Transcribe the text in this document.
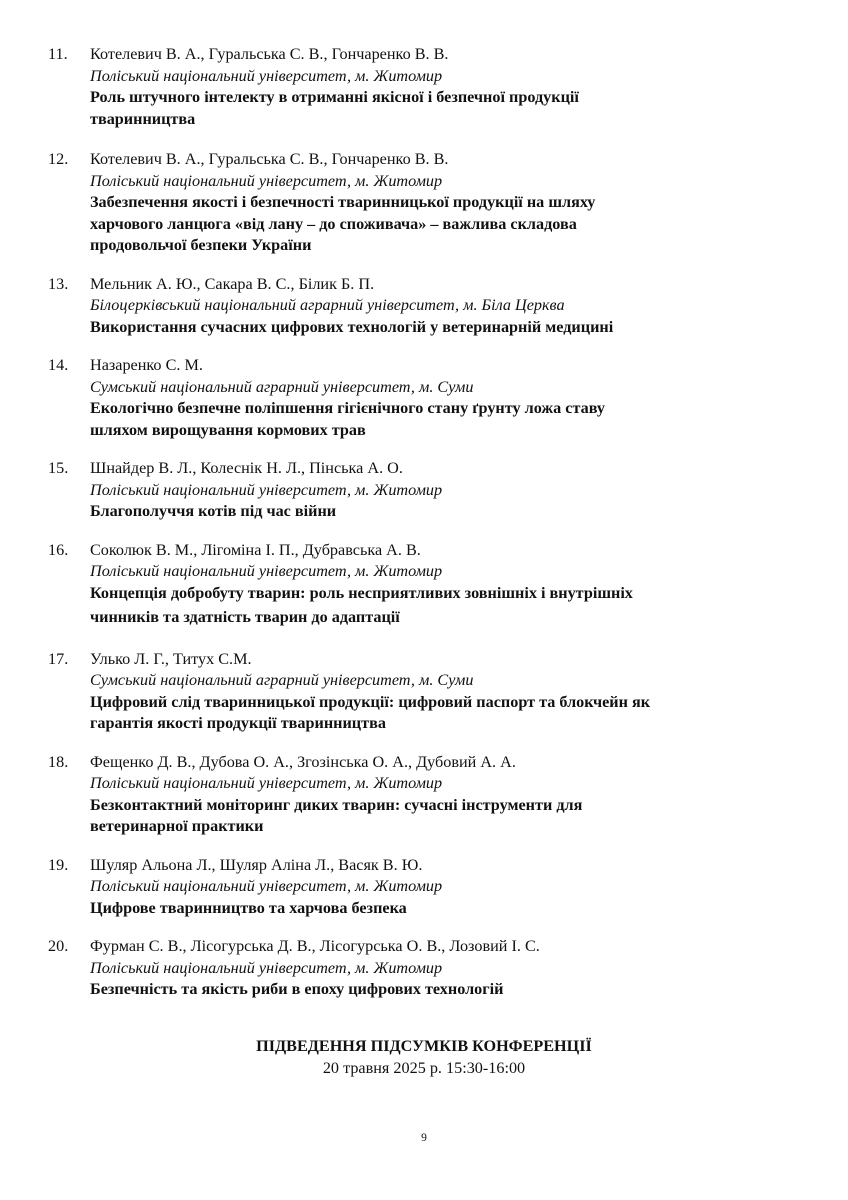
11.	Котелевич В. А., Гуральська С. В., Гончаренко В. В.
Поліський національний університет, м. Житомир
Роль штучного інтелекту в отриманні якісної і безпечної продукції
тваринництва
12.	Котелевич В. А., Гуральська С. В., Гончаренко В. В.
Поліський національний університет, м. Житомир
Забезпечення якості і безпечності тваринницької продукції на шляху
харчового ланцюга «від лану – до споживача» – важлива складова
продовольчої безпеки України
13.	Мельник А. Ю., Сакара В. С., Білик Б. П.
Білоцерківський національний аграрний університет, м. Біла Церква
Використання сучасних цифрових технологій у ветеринарній медицині
14.	Назаренко С. М.
Сумський національний аграрний університет, м. Суми
Екологічно безпечне поліпшення гігієнічного стану ґрунту ложа ставу
шляхом вирощування кормових трав
15.	Шнайдер В. Л., Колеснік Н. Л., Пінська А. О.
Поліський національний університет, м. Житомир
Благополуччя котів під час війни
16.	Соколюк В. М., Лігоміна І. П., Дубравська А. В.
Поліський національний університет, м. Житомир
Концепція добробуту тварин: роль несприятливих зовнішніх і внутрішніх
чинників та здатність тварин до адаптації
17.	Улько Л. Г., Титух С.М.
Сумський національний аграрний університет, м. Суми
Цифровий слід тваринницької продукції: цифровий паспорт та блокчейн як
гарантія якості продукції тваринництва
18.	Фещенко Д. В., Дубова О. А., Згозінська О. А., Дубовий А. А.
Поліський національний університет, м. Житомир
Безконтактний моніторинг диких тварин: сучасні інструменти для
ветеринарної практики
19.	Шуляр Альона Л., Шуляр Аліна Л., Васяк В. Ю.
Поліський національний університет, м. Житомир
Цифрове тваринництво та харчова безпека
20.	Фурман С. В., Лісогурська Д. В., Лісогурська О. В., Лозовий І. С.
Поліський національний університет, м. Житомир
Безпечність та якість риби в епоху цифрових технологій
ПІДВЕДЕННЯ ПІДСУМКІВ КОНФЕРЕНЦІЇ
20 травня 2025 р. 15:30-16:00
9
